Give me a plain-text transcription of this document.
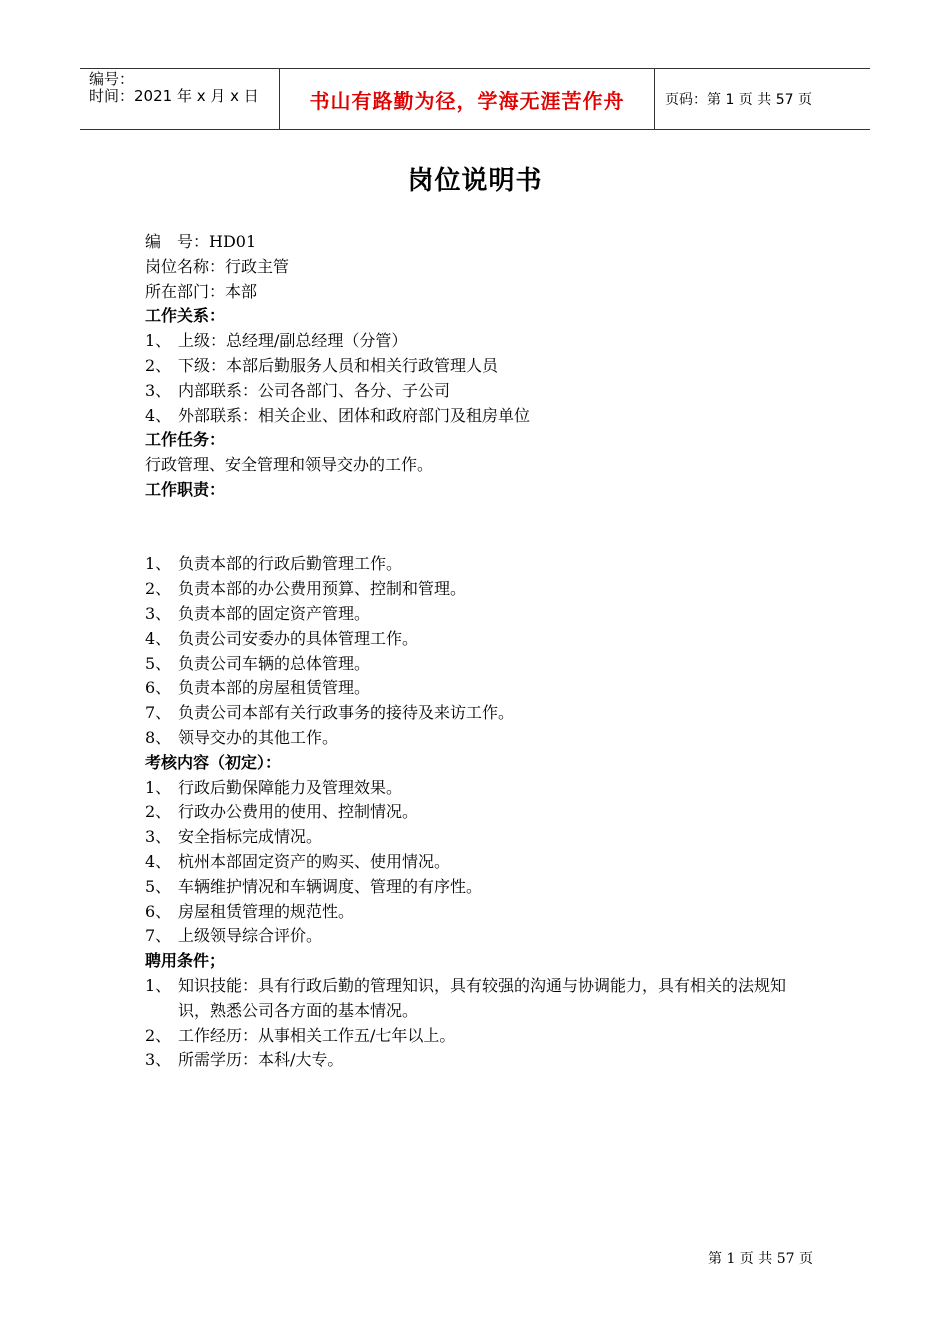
编号：
时间：2021 年 x 月 x 日	书山有路勤为径，学海无涯苦作舟	页码：第 1 页 共 57 页
岗位说明书
编　号：HD01
岗位名称：行政主管
所在部门：本部
工作关系：
1、 上级：总经理/副总经理（分管）
2、 下级：本部后勤服务人员和相关行政管理人员
3、 内部联系：公司各部门、各分、子公司
4、 外部联系：相关企业、团体和政府部门及租房单位
工作任务：
行政管理、安全管理和领导交办的工作。
工作职责：
1、 负责本部的行政后勤管理工作。
2、 负责本部的办公费用预算、控制和管理。
3、 负责本部的固定资产管理。
4、 负责公司安委办的具体管理工作。
5、 负责公司车辆的总体管理。
6、 负责本部的房屋租赁管理。
7、 负责公司本部有关行政事务的接待及来访工作。
8、 领导交办的其他工作。
考核内容（初定）：
1、 行政后勤保障能力及管理效果。
2、 行政办公费用的使用、控制情况。
3、 安全指标完成情况。
4、 杭州本部固定资产的购买、使用情况。
5、 车辆维护情况和车辆调度、管理的有序性。
6、 房屋租赁管理的规范性。
7、 上级领导综合评价。
聘用条件；
1、 知识技能：具有行政后勤的管理知识，具有较强的沟通与协调能力，具有相关的法规知识，熟悉公司各方面的基本情况。
2、 工作经历：从事相关工作五/七年以上。
3、 所需学历：本科/大专。
第 1 页 共 57 页
